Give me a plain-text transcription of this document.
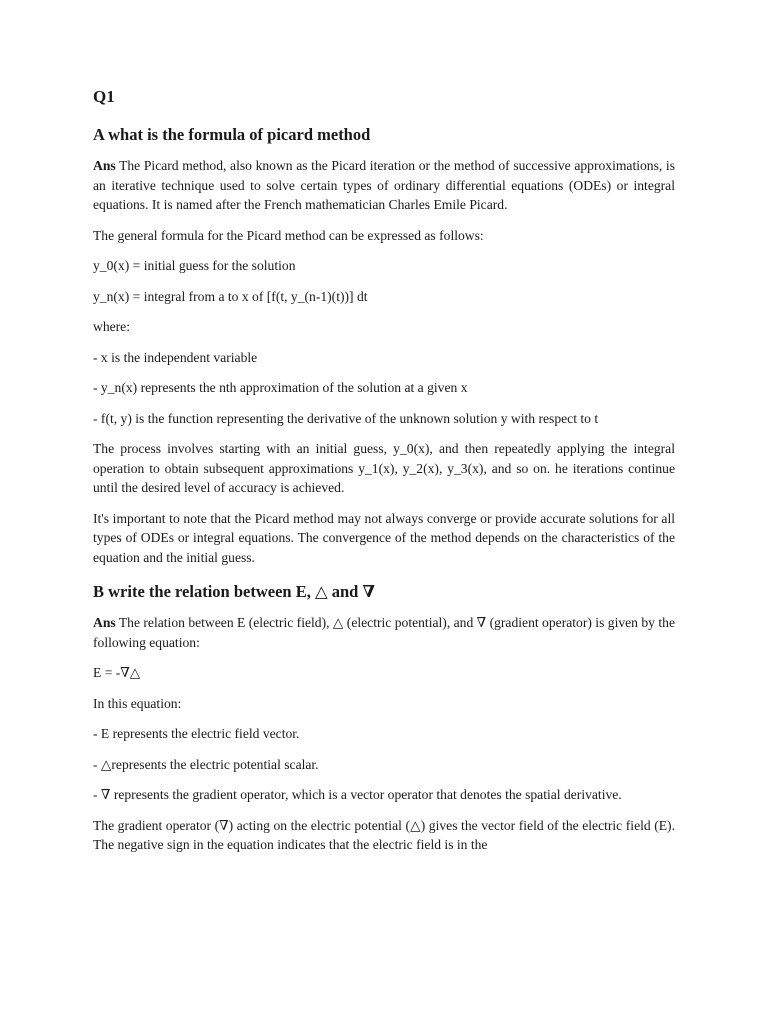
Q1
A what is the formula of picard method

Ans The Picard method, also known as the Picard iteration or the method of successive approximations, is an iterative technique used to solve certain types of ordinary differential equations (ODEs) or integral equations. It is named after the French mathematician Charles Emile Picard.

The general formula for the Picard method can be expressed as follows:

y_0(x) = initial guess for the solution

y_n(x) = integral from a to x of [f(t, y_(n-1)(t))] dt

where:

- x is the independent variable

- y_n(x) represents the nth approximation of the solution at a given x

- f(t, y) is the function representing the derivative of the unknown solution y with respect to t

The process involves starting with an initial guess, y_0(x), and then repeatedly applying the integral operation to obtain subsequent approximations y_1(x), y_2(x), y_3(x), and so on. he iterations continue until the desired level of accuracy is achieved.

It's important to note that the Picard method may not always converge or provide accurate solutions for all types of ODEs or integral equations. The convergence of the method depends on the characteristics of the equation and the initial guess.

B write the relation between E, △ and ∇

Ans The relation between E (electric field), △ (electric potential), and ∇ (gradient operator) is given by the following equation:

E = -∇△

In this equation:

- E represents the electric field vector.

- △represents the electric potential scalar.

- ∇ represents the gradient operator, which is a vector operator that denotes the spatial derivative.

The gradient operator (∇) acting on the electric potential (△) gives the vector field of the electric field (E). The negative sign in the equation indicates that the electric field is in the
